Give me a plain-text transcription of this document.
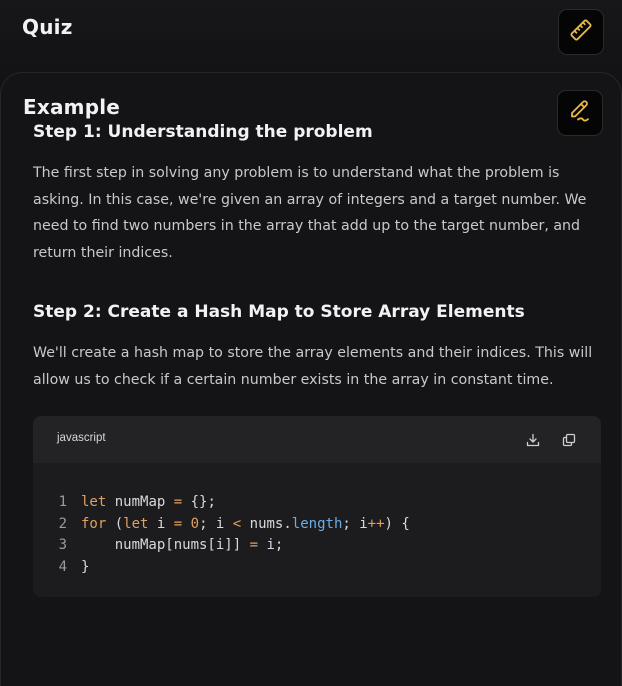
Quiz
Example
Step 1: Understanding the problem
The first step in solving any problem is to understand what the problem is
asking. In this case, we're given an array of integers and a target number. We
need to find two numbers in the array that add up to the target number, and
return their indices.
Step 2: Create a Hash Map to Store Array Elements
We'll create a hash map to store the array elements and their indices. This will
allow us to check if a certain number exists in the array in constant time.
javascript
1	let numMap = {};
2	for ( let i =
0 ; i < nums. length ; i ++ ) {
3	numMap[nums[i]] = i;
4	}
